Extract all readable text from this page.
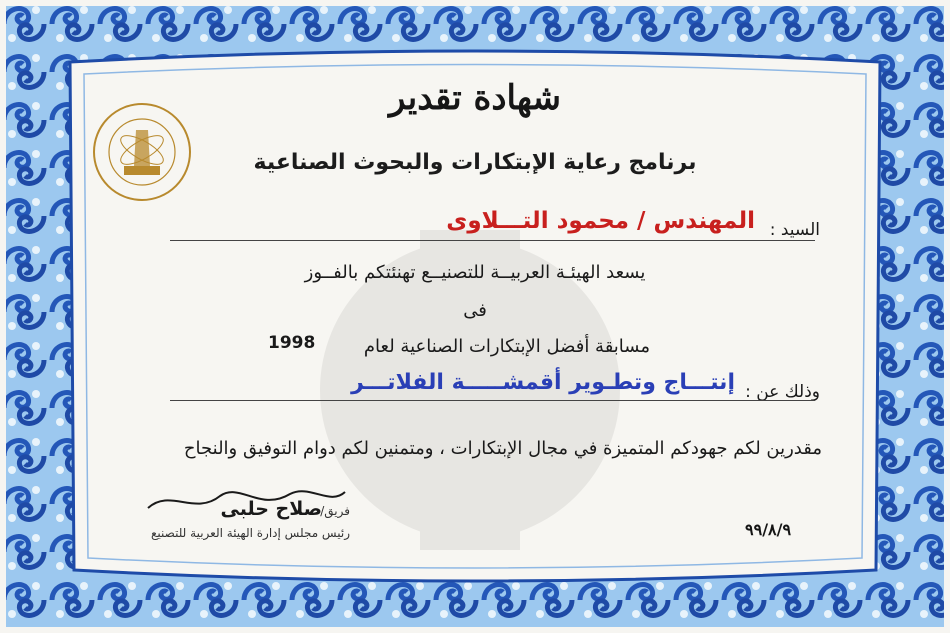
شهادة تقدير
برنامج رعاية الإبتكارات والبحوث الصناعية
السيد :
المهندس / محمود التـــلاوى
يسعد الهيئـة العربيــة للتصنيــع تهنئتكم بالفــوز
فى
مسابقة أفضل الإبتكارات الصناعية لعام
1998
وذلك عن :
إنتـــاج وتطـوير أقمشـــــة الفلاتـــر
مقدرين لكم جهودكم المتميزة في مجال الإبتكارات ، ومتمنين لكم دوام التوفيق والنجاح
صلاح حلبى
فريق/
رئيس مجلس إدارة الهيئة العربية للتصنيع	٩٩/٨/٩
